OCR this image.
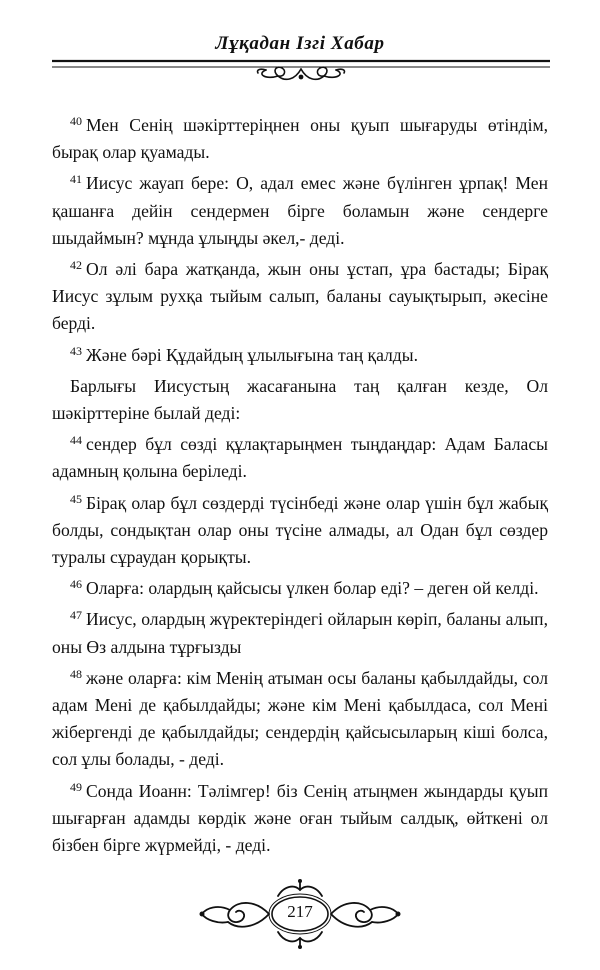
Лұқадан Ізгі Хабар

$^{40}$ Мен Сенің шәкірттеріңнен оны қуып шығаруды өтіндім, бырақ олар қуамады.

$^{41}$ Иисус жауап бере: О, адал емес және бүлінген ұрпақ! Мен қашанға дейін сендермен бірге боламын және сендерге шыдаймын? мұнда ұлыңды әкел,- деді.

$^{42}$ Ол әлі бара жатқанда, жын оны ұстап, ұра бастады; Бірақ Иисус зұлым рухқа тыйым салып, баланы сауықтырып, әкесіне берді.

$^{43}$ Және бәрі Құдайдың ұлылығына таң қалды.

Барлығы Иисустың жасағанына таң қалған кезде, Ол шәкірттеріне былай деді:

$^{44}$ сендер бұл сөзді құлақтарыңмен тыңдаңдар: Адам Баласы адамның қолына беріледі.

$^{45}$ Бірақ олар бұл сөздерді түсінбеді және олар үшін бұл жабық болды, сондықтан олар оны түсіне алмады, ал Одан бұл сөздер туралы сұраудан қорықты.

$^{46}$ Оларға: олардың қайсысы үлкен болар еді? – деген ой келді.

$^{47}$ Иисус, олардың жүректеріндегі ойларын көріп, баланы алып, оны Өз алдына тұрғызды

$^{48}$ және оларға: кім Менің атыман осы баланы қабылдайды, сол адам Мені де қабылдайды; және кім Мені қабылдаса, сол Мені жібергенді де қабылдайды; сендердің қайсысыларың кіші болса, сол ұлы болады, - деді.

$^{49}$ Сонда Иоанн: Тәлімгер! біз Сенің атыңмен жындарды қуып шығарған адамды көрдік және оған тыйым салдық, өйткені ол бізбен бірге жүрмейді, - деді.

217
